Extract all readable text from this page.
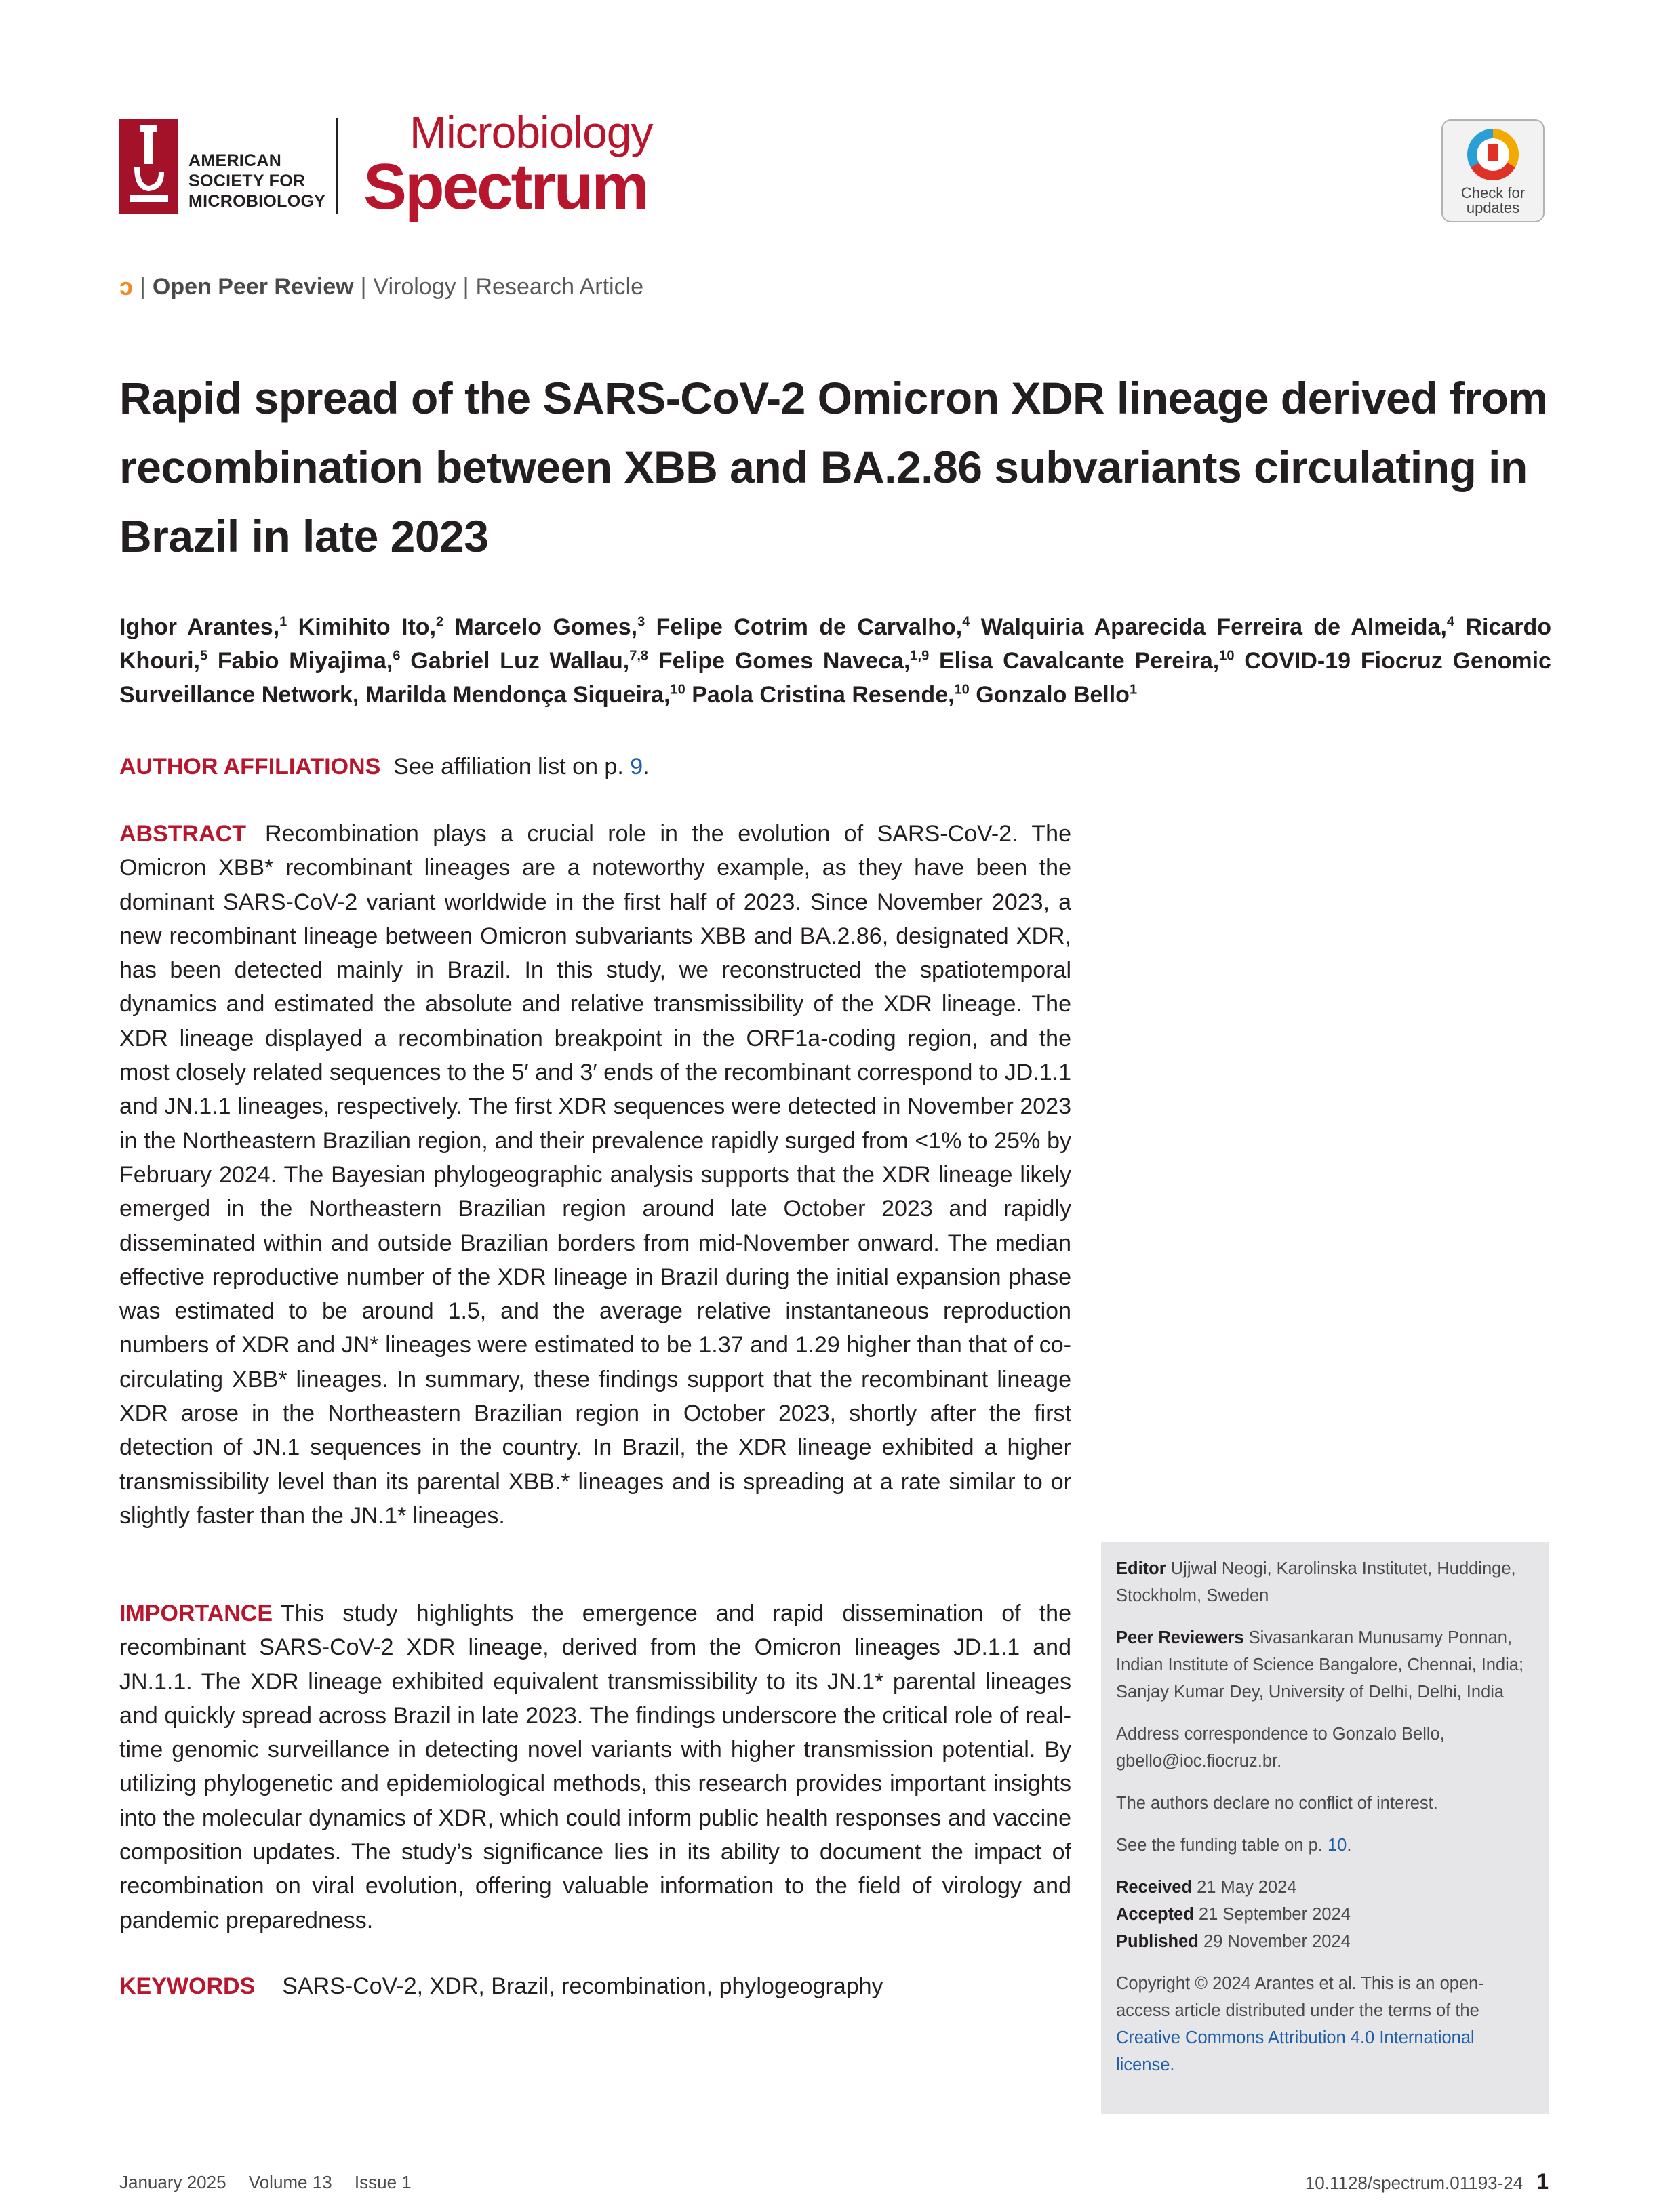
AMERICAN
SOCIETY FOR
MICROBIOLOGY
Microbiology
Spectrum	Check for
updates
ɔ | Open Peer Review | Virology | Research Article
Rapid spread of the SARS-CoV-2 Omicron XDR lineage derived from recombination between XBB and BA.2.86 subvariants circulating in Brazil in late 2023
Ighor Arantes,$^1$ Kimihito Ito,$^2$ Marcelo Gomes,$^3$ Felipe Cotrim de Carvalho,$^4$ Walquiria Aparecida Ferreira de Almeida,$^4$ Ricardo Khouri,$^5$ Fabio Miyajima,$^6$ Gabriel Luz Wallau,$^{7,8}$ Felipe Gomes Naveca,$^{1,9}$ Elisa Cavalcante Pereira,$^{10}$ COVID-19 Fiocruz Genomic Surveillance Network, Marilda Mendonça Siqueira,$^{10}$ Paola Cristina Resende,$^{10}$ Gonzalo Bello$^1$
AUTHOR AFFILIATIONS See affiliation list on p. 9.
ABSTRACT Recombination plays a crucial role in the evolution of SARS-CoV-2. The Omicron XBB* recombinant lineages are a noteworthy example, as they have been the dominant SARS-CoV-2 variant worldwide in the first half of 2023. Since November 2023, a new recombinant lineage between Omicron subvariants XBB and BA.2.86, designated XDR, has been detected mainly in Brazil. In this study, we reconstructed the spatiotemporal dynamics and estimated the absolute and relative transmissibility of the XDR lineage. The XDR lineage displayed a recombination breakpoint in the ORF1a-coding region, and the most closely related sequences to the 5′ and 3′ ends of the recombinant correspond to JD.1.1 and JN.1.1 lineages, respectively. The first XDR sequences were detected in November 2023 in the Northeastern Brazilian region, and their prevalence rapidly surged from <1% to 25% by February 2024. The Bayesian phylogeographic analysis supports that the XDR lineage likely emerged in the Northeastern Brazilian region around late October 2023 and rapidly disseminated within and outside Brazilian borders from mid-November onward. The median effective reproductive number of the XDR lineage in Brazil during the initial expansion phase was estimated to be around 1.5, and the average relative instantaneous reproduction numbers of XDR and JN* lineages were estimated to be 1.37 and 1.29 higher than that of co-circulating XBB* lineages. In summary, these findings support that the recombinant lineage XDR arose in the Northeastern Brazilian region in October 2023, shortly after the first detection of JN.1 sequences in the country. In Brazil, the XDR lineage exhibited a higher transmissibility level than its parental XBB.* lineages and is spreading at a rate similar to or slightly faster than the JN.1* lineages.
IMPORTANCE This study highlights the emergence and rapid dissemination of the recombinant SARS-CoV-2 XDR lineage, derived from the Omicron lineages JD.1.1 and JN.1.1. The XDR lineage exhibited equivalent transmissibility to its JN.1* parental lineages and quickly spread across Brazil in late 2023. The findings underscore the critical role of real-time genomic surveillance in detecting novel variants with higher transmission potential. By utilizing phylogenetic and epidemiological methods, this research provides important insights into the molecular dynamics of XDR, which could inform public health responses and vaccine composition updates. The study’s significance lies in its ability to document the impact of recombination on viral evolution, offering valuable information to the field of virology and pandemic preparedness.
KEYWORDS SARS-CoV-2, XDR, Brazil, recombination, phylogeography

Editor Ujjwal Neogi, Karolinska Institutet, Huddinge, Stockholm, Sweden

Peer Reviewers Sivasankaran Munusamy Ponnan, Indian Institute of Science Bangalore, Chennai, India; Sanjay Kumar Dey, University of Delhi, Delhi, India

Address correspondence to Gonzalo Bello, gbello@ioc.fiocruz.br.

The authors declare no conflict of interest.

See the funding table on p. 10.

Received 21 May 2024
Accepted 21 September 2024
Published 29 November 2024

Copyright © 2024 Arantes et al. This is an open-access article distributed under the terms of the Creative Commons Attribution 4.0 International license.

January 2025 Volume 13 Issue 1	10.1128/spectrum.01193-24 1
